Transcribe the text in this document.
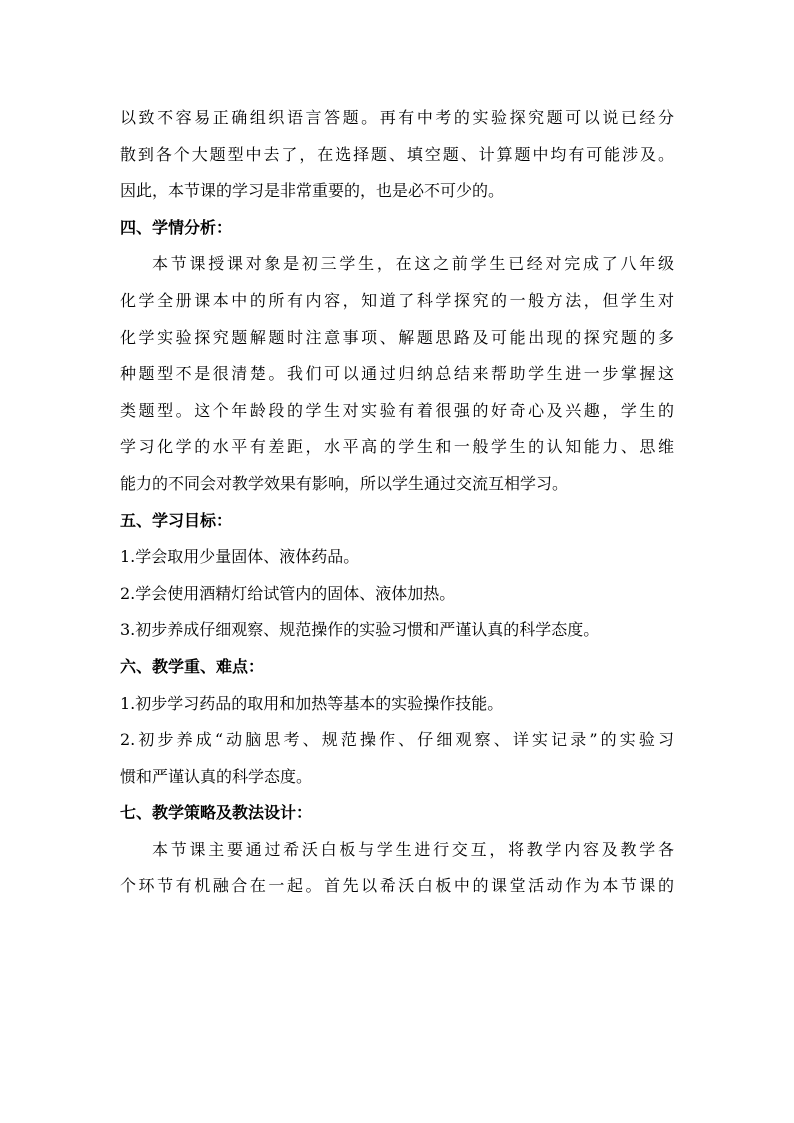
以致不容易正确组织语言答题。再有中考的实验探究题可以说已经分

散到各个大题型中去了，在选择题、填空题、计算题中均有可能涉及。

因此，本节课的学习是非常重要的，也是必不可少的。

四、学情分析：

本节课授课对象是初三学生，在这之前学生已经对完成了八年级

化学全册课本中的所有内容，知道了科学探究的一般方法，但学生对

化学实验探究题解题时注意事项、解题思路及可能出现的探究题的多

种题型不是很清楚。我们可以通过归纳总结来帮助学生进一步掌握这

类题型。这个年龄段的学生对实验有着很强的好奇心及兴趣，学生的

学习化学的水平有差距，水平高的学生和一般学生的认知能力、思维

能力的不同会对教学效果有影响，所以学生通过交流互相学习。

五、学习目标：

1.学会取用少量固体、液体药品。

2.学会使用酒精灯给试管内的固体、液体加热。

3.初步养成仔细观察、规范操作的实验习惯和严谨认真的科学态度。

六、教学重、难点：

1.初步学习药品的取用和加热等基本的实验操作技能。

2.初步养成“动脑思考、规范操作、仔细观察、详实记录”的实验习

惯和严谨认真的科学态度。

七、教学策略及教法设计：

本节课主要通过希沃白板与学生进行交互，将教学内容及教学各

个环节有机融合在一起。首先以希沃白板中的课堂活动作为本节课的
